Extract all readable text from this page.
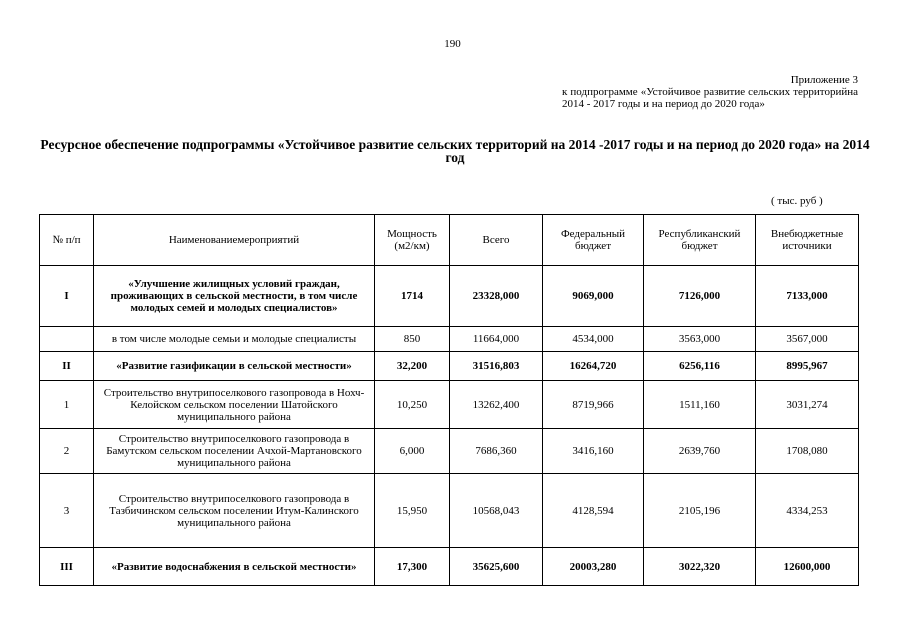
190
Приложение 3
к подпрограмме «Устойчивое развитие сельских территорийна 2014 - 2017 годы и на период до 2020 года»
Ресурсное обеспечение подпрограммы «Устойчивое развитие сельских территорий на 2014 -2017 годы и на период до 2020 года» на 2014 год
( тыс. руб )
№ п/п	Наименованиемероприятий	Мощность (м2/км)	Всего	Федеральный бюджет	Республиканский бюджет	Внебюджетные источники
I	«Улучшение жилищных условий граждан, проживающих в сельской местности, в том числе молодых семей и молодых специалистов»	1714	23328,000	9069,000	7126,000	7133,000
	в том числе молодые семьи и молодые специалисты	850	11664,000	4534,000	3563,000	3567,000
II	«Развитие газификации в сельской местности»	32,200	31516,803	16264,720	6256,116	8995,967
1	Строительство внутрипоселкового газопровода в Нохч- Келойском сельском поселении Шатойского муниципального района	10,250	13262,400	8719,966	1511,160	3031,274
2	Строительство внутрипоселкового газопровода в Бамутском сельском поселении Ачхой-Мартановского муниципального района	6,000	7686,360	3416,160	2639,760	1708,080
3	Строительство внутрипоселкового газопровода в Тазбичинском сельском поселении Итум-Калинского муниципального района	15,950	10568,043	4128,594	2105,196	4334,253
III	«Развитие водоснабжения в сельской местности»	17,300	35625,600	20003,280	3022,320	12600,000
